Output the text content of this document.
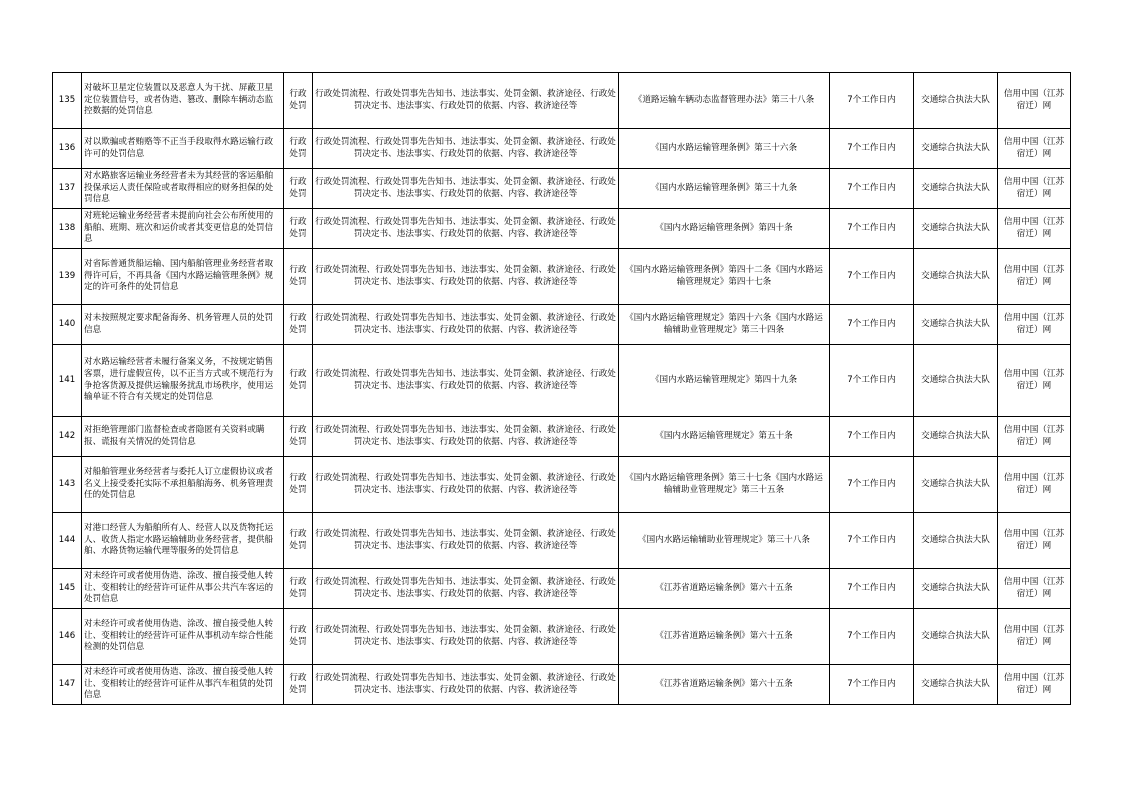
135	对破坏卫星定位装置以及恶意人为干扰、屏蔽卫星定位装置信号，或者伪造、篡改、删除车辆动态监控数据的处罚信息	行政处罚	行政处罚流程、行政处罚事先告知书、违法事实、处罚金额、救济途径、行政处罚决定书、违法事实、行政处罚的依据、内容、救济途径等	《道路运输车辆动态监督管理办法》第三十八条	7个工作日内	交通综合执法大队	信用中国（江苏宿迁）网
136	对以欺骗或者贿赂等不正当手段取得水路运输行政许可的处罚信息	行政处罚	行政处罚流程、行政处罚事先告知书、违法事实、处罚金额、救济途径、行政处罚决定书、违法事实、行政处罚的依据、内容、救济途径等	《国内水路运输管理条例》第三十六条	7个工作日内	交通综合执法大队	信用中国（江苏宿迁）网
137	对水路旅客运输业务经营者未为其经营的客运船舶投保承运人责任保险或者取得相应的财务担保的处罚信息	行政处罚	行政处罚流程、行政处罚事先告知书、违法事实、处罚金额、救济途径、行政处罚决定书、违法事实、行政处罚的依据、内容、救济途径等	《国内水路运输管理条例》第三十九条	7个工作日内	交通综合执法大队	信用中国（江苏宿迁）网
138	对班轮运输业务经营者未提前向社会公布所使用的船舶、班期、班次和运价或者其变更信息的处罚信息	行政处罚	行政处罚流程、行政处罚事先告知书、违法事实、处罚金额、救济途径、行政处罚决定书、违法事实、行政处罚的依据、内容、救济途径等	《国内水路运输管理条例》第四十条	7个工作日内	交通综合执法大队	信用中国（江苏宿迁）网
139	对省际普通货船运输、国内船舶管理业务经营者取得许可后，不再具备《国内水路运输管理条例》规定的许可条件的处罚信息	行政处罚	行政处罚流程、行政处罚事先告知书、违法事实、处罚金额、救济途径、行政处罚决定书、违法事实、行政处罚的依据、内容、救济途径等	《国内水路运输管理条例》第四十二条《国内水路运输管理规定》第四十七条	7个工作日内	交通综合执法大队	信用中国（江苏宿迁）网
140	对未按照规定要求配备海务、机务管理人员的处罚信息	行政处罚	行政处罚流程、行政处罚事先告知书、违法事实、处罚金额、救济途径、行政处罚决定书、违法事实、行政处罚的依据、内容、救济途径等	《国内水路运输管理规定》第四十六条《国内水路运输辅助业管理规定》第三十四条	7个工作日内	交通综合执法大队	信用中国（江苏宿迁）网
141	对水路运输经营者未履行备案义务，不按规定销售客票，进行虚假宣传，以不正当方式或不规范行为争抢客货源及提供运输服务扰乱市场秩序，使用运输单证不符合有关规定的处罚信息	行政处罚	行政处罚流程、行政处罚事先告知书、违法事实、处罚金额、救济途径、行政处罚决定书、违法事实、行政处罚的依据、内容、救济途径等	《国内水路运输管理规定》第四十九条	7个工作日内	交通综合执法大队	信用中国（江苏宿迁）网
142	对拒绝管理部门监督检查或者隐匿有关资料或瞒报、谎报有关情况的处罚信息	行政处罚	行政处罚流程、行政处罚事先告知书、违法事实、处罚金额、救济途径、行政处罚决定书、违法事实、行政处罚的依据、内容、救济途径等	《国内水路运输管理规定》第五十条	7个工作日内	交通综合执法大队	信用中国（江苏宿迁）网
143	对船舶管理业务经营者与委托人订立虚假协议或者名义上接受委托实际不承担船舶海务、机务管理责任的处罚信息	行政处罚	行政处罚流程、行政处罚事先告知书、违法事实、处罚金额、救济途径、行政处罚决定书、违法事实、行政处罚的依据、内容、救济途径等	《国内水路运输管理条例》第三十七条《国内水路运输辅助业管理规定》第三十五条	7个工作日内	交通综合执法大队	信用中国（江苏宿迁）网
144	对港口经营人为船舶所有人、经营人以及货物托运人、收货人指定水路运输辅助业务经营者，提供船舶、水路货物运输代理等服务的处罚信息	行政处罚	行政处罚流程、行政处罚事先告知书、违法事实、处罚金额、救济途径、行政处罚决定书、违法事实、行政处罚的依据、内容、救济途径等	《国内水路运输辅助业管理规定》第三十八条	7个工作日内	交通综合执法大队	信用中国（江苏宿迁）网
145	对未经许可或者使用伪造、涂改、擅自接受他人转让、变相转让的经营许可证件从事公共汽车客运的处罚信息	行政处罚	行政处罚流程、行政处罚事先告知书、违法事实、处罚金额、救济途径、行政处罚决定书、违法事实、行政处罚的依据、内容、救济途径等	《江苏省道路运输条例》第六十五条	7个工作日内	交通综合执法大队	信用中国（江苏宿迁）网
146	对未经许可或者使用伪造、涂改、擅自接受他人转让、变相转让的经营许可证件从事机动车综合性能检测的处罚信息	行政处罚	行政处罚流程、行政处罚事先告知书、违法事实、处罚金额、救济途径、行政处罚决定书、违法事实、行政处罚的依据、内容、救济途径等	《江苏省道路运输条例》第六十五条	7个工作日内	交通综合执法大队	信用中国（江苏宿迁）网
147	对未经许可或者使用伪造、涂改、擅自接受他人转让、变相转让的经营许可证件从事汽车租赁的处罚信息	行政处罚	行政处罚流程、行政处罚事先告知书、违法事实、处罚金额、救济途径、行政处罚决定书、违法事实、行政处罚的依据、内容、救济途径等	《江苏省道路运输条例》第六十五条	7个工作日内	交通综合执法大队	信用中国（江苏宿迁）网
